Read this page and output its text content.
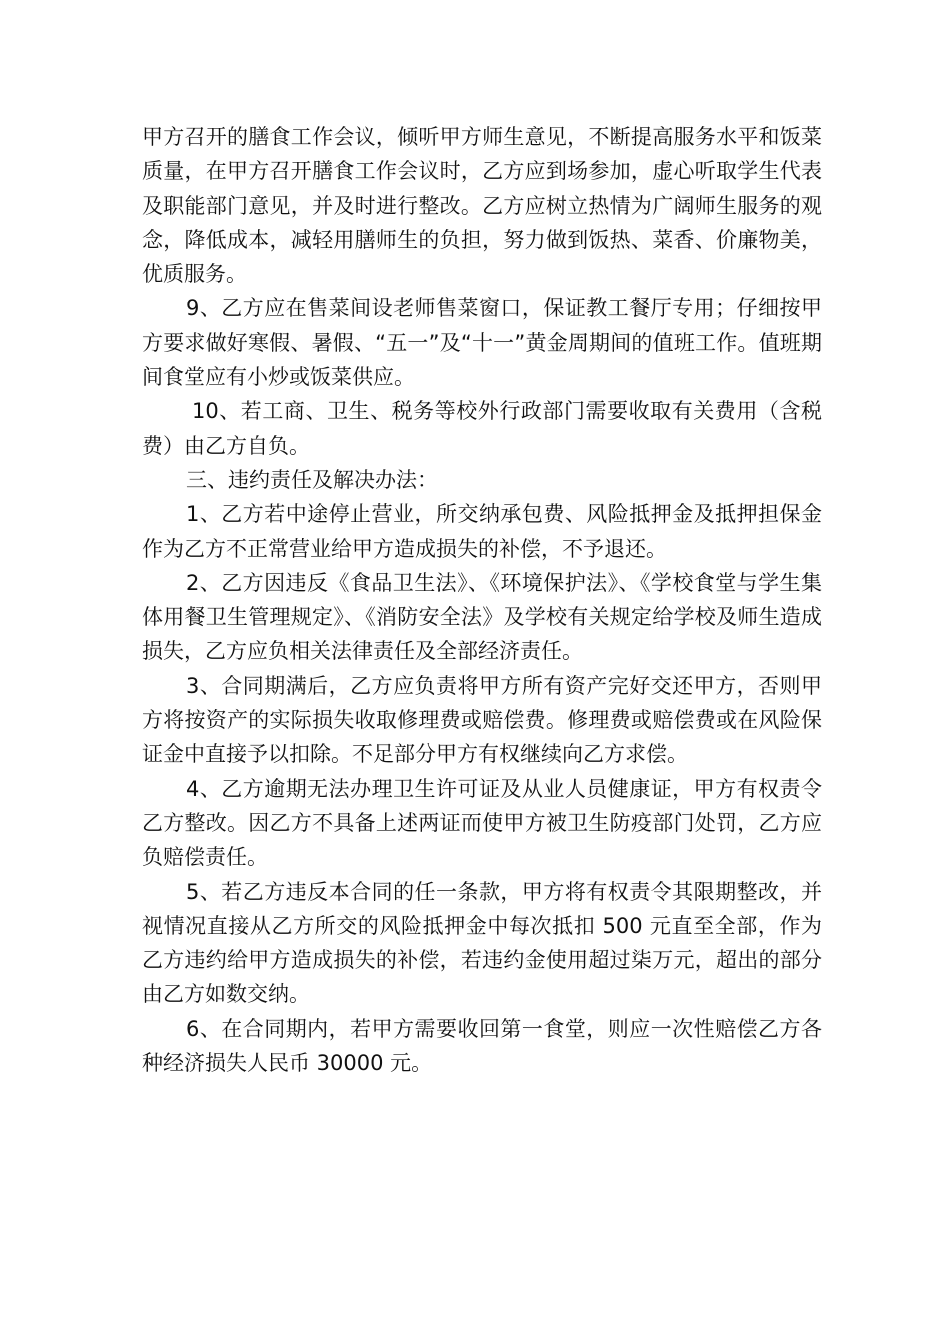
甲方召开的膳食工作会议，倾听甲方师生意见，不断提高服务水平和饭菜质量，在甲方召开膳食工作会议时，乙方应到场参加，虚心听取学生代表及职能部门意见，并及时进行整改。乙方应树立热情为广阔师生服务的观念，降低成本，减轻用膳师生的负担，努力做到饭热、菜香、价廉物美，优质服务。

9、乙方应在售菜间设老师售菜窗口，保证教工餐厅专用；仔细按甲方要求做好寒假、暑假、“五一”及“十一”黄金周期间的值班工作。值班期间食堂应有小炒或饭菜供应。

10、若工商、卫生、税务等校外行政部门需要收取有关费用（含税费）由乙方自负。

三、违约责任及解决办法：

1、乙方若中途停止营业，所交纳承包费、风险抵押金及抵押担保金作为乙方不正常营业给甲方造成损失的补偿，不予退还。

2、乙方因违反《食品卫生法》、《环境保护法》、《学校食堂与学生集体用餐卫生管理规定》、《消防安全法》及学校有关规定给学校及师生造成损失，乙方应负相关法律责任及全部经济责任。

3、合同期满后，乙方应负责将甲方所有资产完好交还甲方，否则甲方将按资产的实际损失收取修理费或赔偿费。修理费或赔偿费或在风险保证金中直接予以扣除。不足部分甲方有权继续向乙方求偿。

4、乙方逾期无法办理卫生许可证及从业人员健康证，甲方有权责令乙方整改。因乙方不具备上述两证而使甲方被卫生防疫部门处罚，乙方应负赔偿责任。

5、若乙方违反本合同的任一条款，甲方将有权责令其限期整改，并视情况直接从乙方所交的风险抵押金中每次抵扣 500 元直至全部，作为乙方违约给甲方造成损失的补偿，若违约金使用超过柒万元，超出的部分由乙方如数交纳。

6、在合同期内，若甲方需要收回第一食堂，则应一次性赔偿乙方各种经济损失人民币 30000 元。
